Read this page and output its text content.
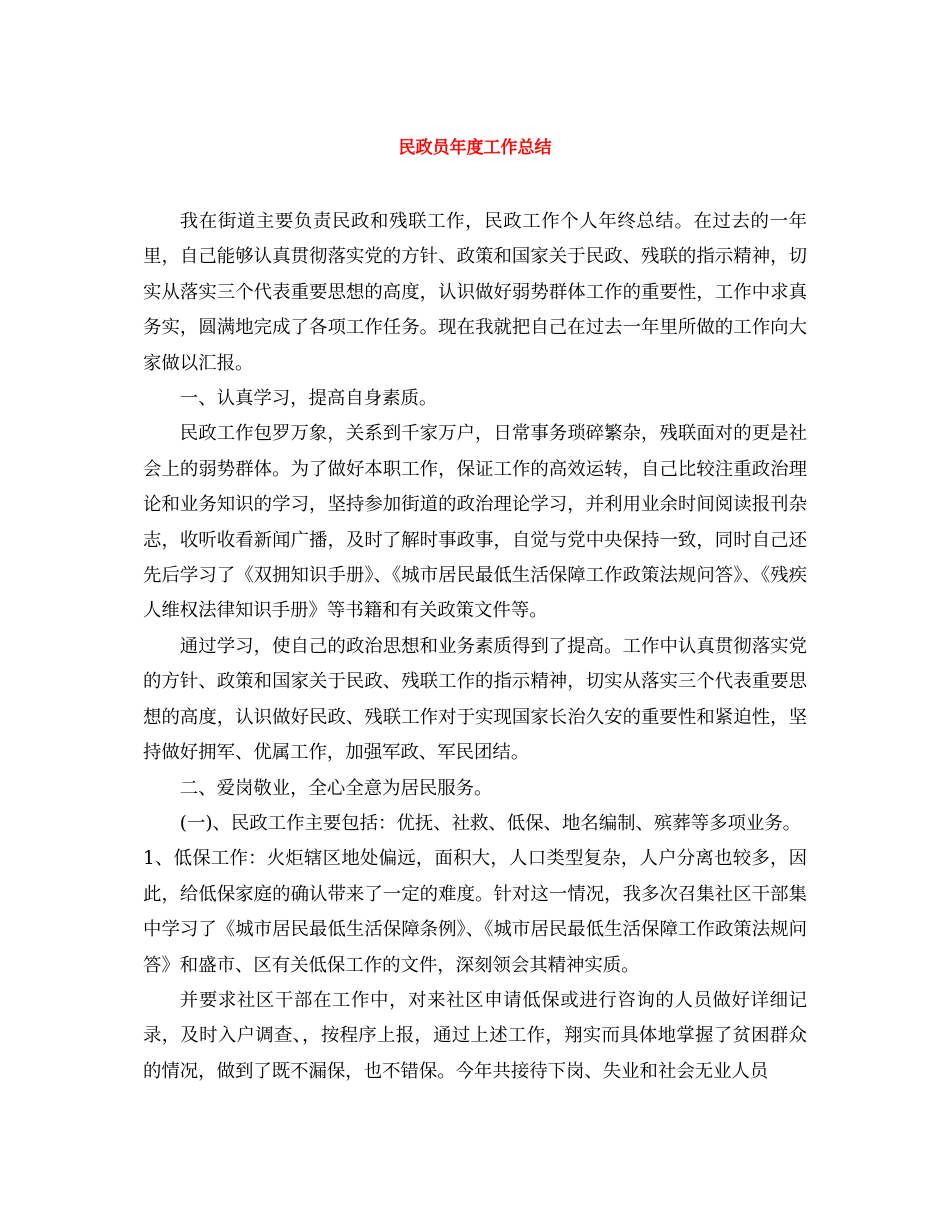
民政员年度工作总结

我在街道主要负责民政和残联工作，民政工作个人年终总结。在过去的一年里，自己能够认真贯彻落实党的方针、政策和国家关于民政、残联的指示精神，切实从落实三个代表重要思想的高度，认识做好弱势群体工作的重要性，工作中求真务实，圆满地完成了各项工作任务。现在我就把自己在过去一年里所做的工作向大家做以汇报。

一、认真学习，提高自身素质。

民政工作包罗万象，关系到千家万户，日常事务琐碎繁杂，残联面对的更是社会上的弱势群体。为了做好本职工作，保证工作的高效运转，自己比较注重政治理论和业务知识的学习，坚持参加街道的政治理论学习，并利用业余时间阅读报刊杂志，收听收看新闻广播，及时了解时事政事，自觉与党中央保持一致，同时自己还先后学习了《双拥知识手册》、《城市居民最低生活保障工作政策法规问答》、《残疾人维权法律知识手册》等书籍和有关政策文件等。

通过学习，使自己的政治思想和业务素质得到了提高。工作中认真贯彻落实党的方针、政策和国家关于民政、残联工作的指示精神，切实从落实三个代表重要思想的高度，认识做好民政、残联工作对于实现国家长治久安的重要性和紧迫性，坚持做好拥军、优属工作，加强军政、军民团结。

二、爱岗敬业，全心全意为居民服务。

(一)、民政工作主要包括：优抚、社救、低保、地名编制、殡葬等多项业务。

1、低保工作：火炬辖区地处偏远，面积大，人口类型复杂，人户分离也较多，因此，给低保家庭的确认带来了一定的难度。针对这一情况，我多次召集社区干部集中学习了《城市居民最低生活保障条例》、《城市居民最低生活保障工作政策法规问答》和盛市、区有关低保工作的文件，深刻领会其精神实质。

并要求社区干部在工作中，对来社区申请低保或进行咨询的人员做好详细记录，及时入户调查、，按程序上报，通过上述工作，翔实而具体地掌握了贫困群众的情况，做到了既不漏保，也不错保。今年共接待下岗、失业和社会无业人员
